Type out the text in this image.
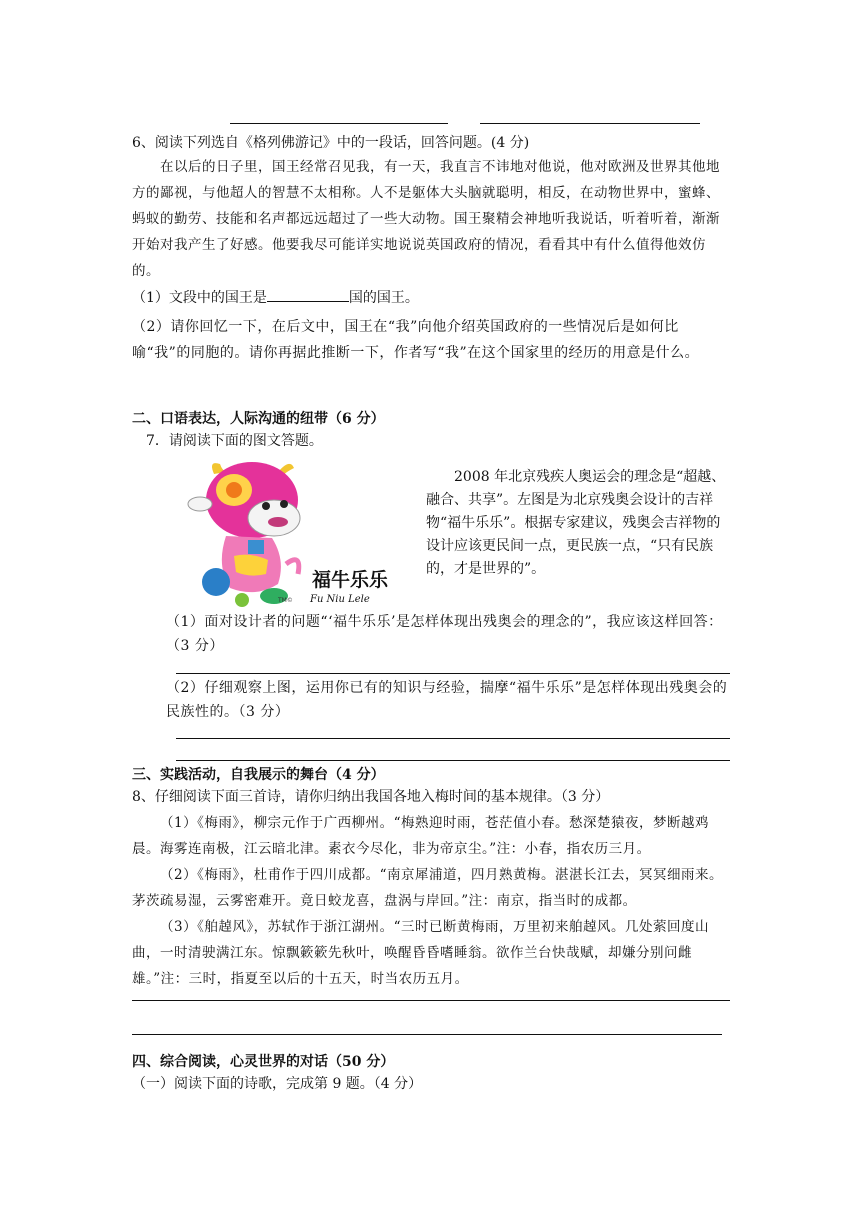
6、阅读下列选自《格列佛游记》中的一段话，回答问题。(4 分)
在以后的日子里，国王经常召见我，有一天，我直言不讳地对他说，他对欧洲及世界其他地方的鄙视，与他超人的智慧不太相称。人不是躯体大头脑就聪明，相反，在动物世界中，蜜蜂、蚂蚁的勤劳、技能和名声都远远超过了一些大动物。国王聚精会神地听我说话，听着听着，渐渐开始对我产生了好感。他要我尽可能详实地说说英国政府的情况，看看其中有什么值得他效仿的。
（1）文段中的国王是	国的国王。
（2）请你回忆一下，在后文中，国王在“我”向他介绍英国政府的一些情况后是如何比喻“我”的同胞的。请你再据此推断一下，作者写“我”在这个国家里的经历的用意是什么。
二、口语表达，人际沟通的纽带（6 分）
7．请阅读下面的图文答题。
福牛乐乐
TM© Fu Niu Lele
2008 年北京残疾人奥运会的理念是“超越、融合、共享”。左图是为北京残奥会设计的吉祥物“福牛乐乐”。根据专家建议，残奥会吉祥物的设计应该更民间一点，更民族一点，“只有民族的，才是世界的”。
（1）面对设计者的问题“‘福牛乐乐’是怎样体现出残奥会的理念的”，我应该这样回答：（3 分）
（2）仔细观察上图，运用你已有的知识与经验，揣摩“福牛乐乐”是怎样体现出残奥会的民族性的。（3 分）
三、实践活动，自我展示的舞台（4 分）
8、仔细阅读下面三首诗，请你归纳出我国各地入梅时间的基本规律。（3 分）
（1）《梅雨》，柳宗元作于广西柳州。“梅熟迎时雨，苍茫值小春。愁深楚猿夜，梦断越鸡晨。海雾连南极，江云暗北津。素衣今尽化，非为帝京尘。”注：小春，指农历三月。
（2）《梅雨》，杜甫作于四川成都。“南京犀浦道，四月熟黄梅。湛湛长江去，冥冥细雨来。茅茨疏易湿，云雾密难开。竟日蛟龙喜，盘涡与岸回。”注：南京，指当时的成都。
（3）《舶趠风》，苏轼作于浙江湖州。“三时已断黄梅雨，万里初来舶趠风。几处萦回度山曲，一时清驶满江东。惊飘簌簌先秋叶，唤醒昏昏嗜睡翁。欲作兰台快哉赋，却嫌分别问雌雄。”注：三时，指夏至以后的十五天，时当农历五月。
四、综合阅读，心灵世界的对话（50 分）
（一）阅读下面的诗歌，完成第 9 题。（4 分）
